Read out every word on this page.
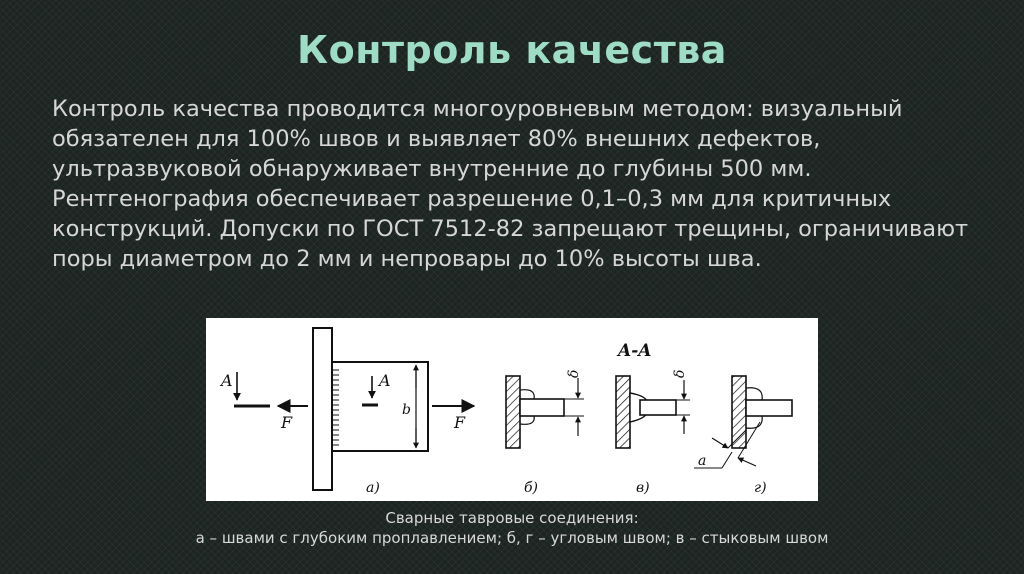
Контроль качества
Контроль качества проводится многоуровневым методом: визуальный обязателен для 100% швов и выявляет 80% внешних дефектов, ультразвуковой обнаруживает внутренние до глубины 500 мм. Рентгенография обеспечивает разрешение 0,1–0,3 мм для критичных конструкций. Допуски по ГОСТ 7512-82 запрещают трещины, ограничивают поры диаметром до 2 мм и непровары до 10% высоты шва.
A
F
A
b
F
а)
δ
б)
A-A
δ
в)
a
г)
Сварные тавровые соединения:
а – швами с глубоким проплавлением; б, г – угловым швом; в – стыковым швом
